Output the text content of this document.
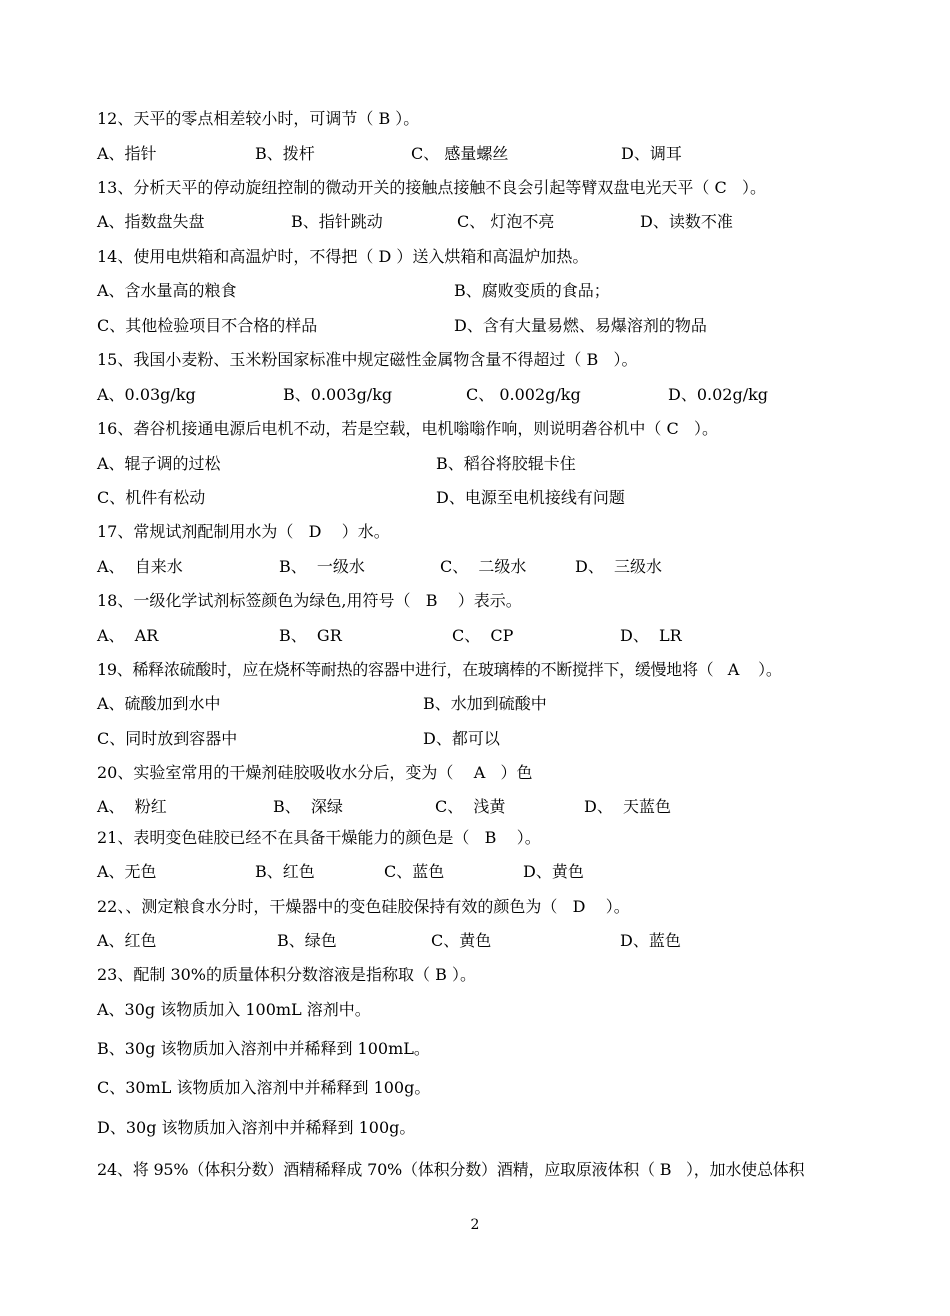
12、天平的零点相差较小时，可调节（ B ）。

A、指针

	B、拨杆

	C、 感量螺丝

	D、调耳

13、分析天平的停动旋纽控制的微动开关的接触点接触不良会引起等臂双盘电光天平（ C   ）。

A、指数盘失盘

	B、指针跳动

	C、 灯泡不亮

	D、读数不准

14、使用电烘箱和高温炉时，不得把（ D ）送入烘箱和高温炉加热。

A、含水量高的粮食

	B、腐败变质的食品；

C、其他检验项目不合格的样品

	D、含有大量易燃、易爆溶剂的物品

15、我国小麦粉、玉米粉国家标准中规定磁性金属物含量不得超过（ B   ）。

A、0.03g/kg

	B、0.003g/kg

	C、 0.002g/kg

	D、0.02g/kg

16、砻谷机接通电源后电机不动，若是空载，电机嗡嗡作响，则说明砻谷机中（ C   ）。

A、辊子调的过松

	B、稻谷将胶辊卡住

C、机件有松动

	D、电源至电机接线有问题

17、常规试剂配制用水为（   D    ）水。

A、  自来水

	B、  一级水

	C、  二级水

	D、  三级水

18、一级化学试剂标签颜色为绿色,用符号（   B    ）表示。

A、  AR

	B、  GR

	C、  CP

	D、  LR

19、稀释浓硫酸时，应在烧杯等耐热的容器中进行，在玻璃棒的不断搅拌下，缓慢地将（   A    ）。

A、硫酸加到水中

	B、水加到硫酸中

C、同时放到容器中

	D、都可以

20、实验室常用的干燥剂硅胶吸收水分后，变为（    A   ）色

A、  粉红

	B、  深绿

	C、  浅黄

	D、  天蓝色

21、表明变色硅胶已经不在具备干燥能力的颜色是（   B    ）。

A、无色

	B、红色

	C、蓝色

	D、黄色

22、、测定粮食水分时，干燥器中的变色硅胶保持有效的颜色为（   D    ）。

A、红色

	B、绿色

	C、黄色

	D、蓝色

23、配制 30%的质量体积分数溶液是指称取（ B ）。
A、30g 该物质加入 100mL 溶剂中。
B、30g 该物质加入溶剂中并稀释到 100mL。
C、30mL 该物质加入溶剂中并稀释到 100g。
D、30g 该物质加入溶剂中并稀释到 100g。
24、将 95%（体积分数）酒精稀释成 70%（体积分数）酒精，应取原液体积（ B   ），加水使总体积
2
